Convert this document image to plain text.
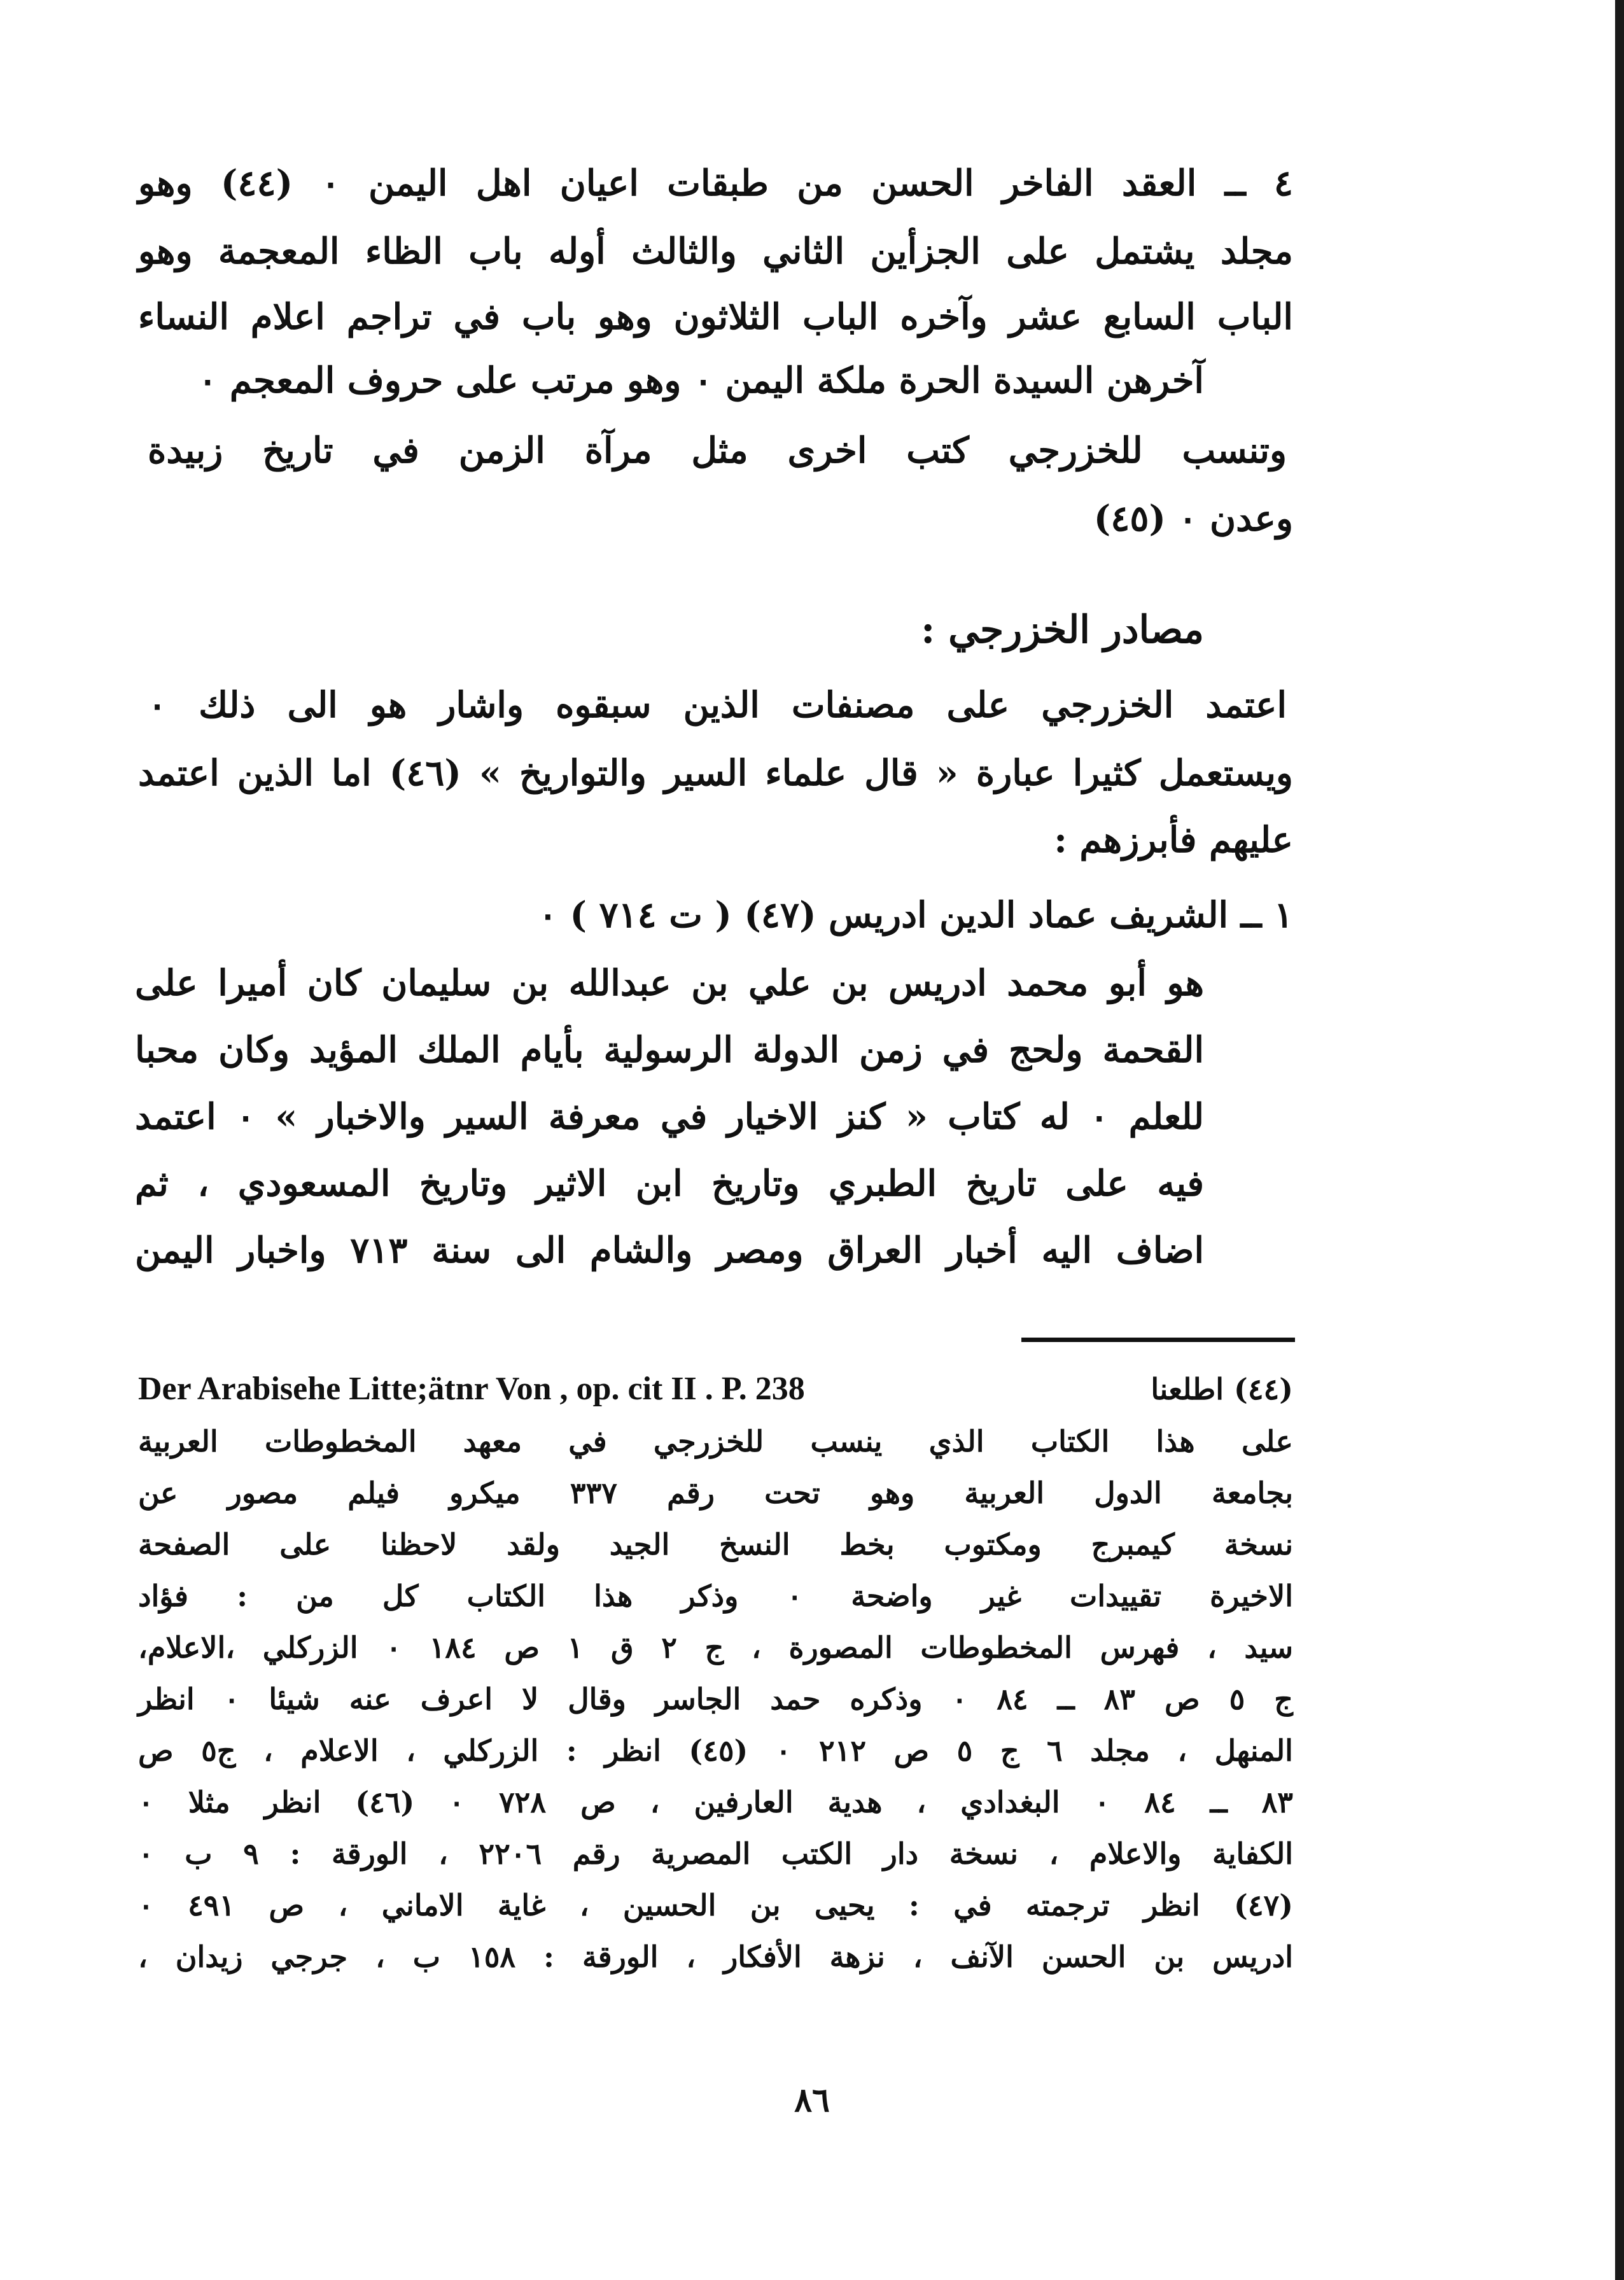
٤ ــ العقد الفاخر الحسن من طبقات اعيان اهل اليمن ٠ (٤٤) وهو
مجلد يشتمل على الجزأين الثاني والثالث أوله باب الظاء المعجمة وهو
الباب السابع عشر وآخره الباب الثلاثون وهو باب في تراجم اعلام النساء
آخرهن السيدة الحرة ملكة اليمن ٠ وهو مرتب على حروف المعجم ٠
وتنسب للخزرجي كتب اخرى مثل مرآة الزمن في تاريخ زبيدة
وعدن ٠ (٤٥)
مصادر الخزرجي :
اعتمد الخزرجي على مصنفات الذين سبقوه واشار هو الى ذلك ٠
ويستعمل كثيرا عبارة « قال علماء السير والتواريخ » (٤٦) اما الذين اعتمد
عليهم فأبرزهم :
١ ــ الشريف عماد الدين ادريس (٤٧) ( ت ٧١٤ ) ٠
هو أبو محمد ادريس بن علي بن عبدالله بن سليمان كان أميرا على
القحمة ولحج في زمن الدولة الرسولية بأيام الملك المؤيد وكان محبا
للعلم ٠ له كتاب « كنز الاخيار في معرفة السير والاخبار » ٠ اعتمد
فيه على تاريخ الطبري وتاريخ ابن الاثير وتاريخ المسعودي ، ثم
اضاف اليه أخبار العراق ومصر والشام الى سنة ٧١٣ واخبار اليمن
(٤٤) اطلعنا
Der Arabisehe Litte;ätnr Von , op. cit II . P. 238
على هذا الكتاب الذي ينسب للخزرجي في معهد المخطوطات العربية
بجامعة الدول العربية وهو تحت رقم ٣٣٧ ميكرو فيلم مصور عن
نسخة كيمبرج ومكتوب بخط النسخ الجيد ولقد لاحظنا على الصفحة
الاخيرة تقييدات غير واضحة ٠ وذكر هذا الكتاب كل من : فؤاد
سيد ، فهرس المخطوطات المصورة ، ج ٢ ق ١ ص ١٨٤ ٠ الزركلي ،الاعلام،
ج ٥ ص ٨٣ ــ ٨٤ ٠ وذكره حمد الجاسر وقال لا اعرف عنه شيئا ٠ انظر
المنهل ، مجلد ٦ ج ٥ ص ٢١٢ ٠ (٤٥) انظر : الزركلي ، الاعلام ، ج٥ ص
٨٣ ــ ٨٤ ٠ البغدادي ، هدية العارفين ، ص ٧٢٨ ٠ (٤٦) انظر مثلا ٠
الكفاية والاعلام ، نسخة دار الكتب المصرية رقم ٢٢٠٦ ، الورقة : ٩ ب ٠
(٤٧) انظر ترجمته في : يحيى بن الحسين ، غاية الاماني ، ص ٤٩١ ٠
ادريس بن الحسن الآنف ، نزهة الأفكار ، الورقة : ١٥٨ ب ، جرجي زيدان ،
٨٦
